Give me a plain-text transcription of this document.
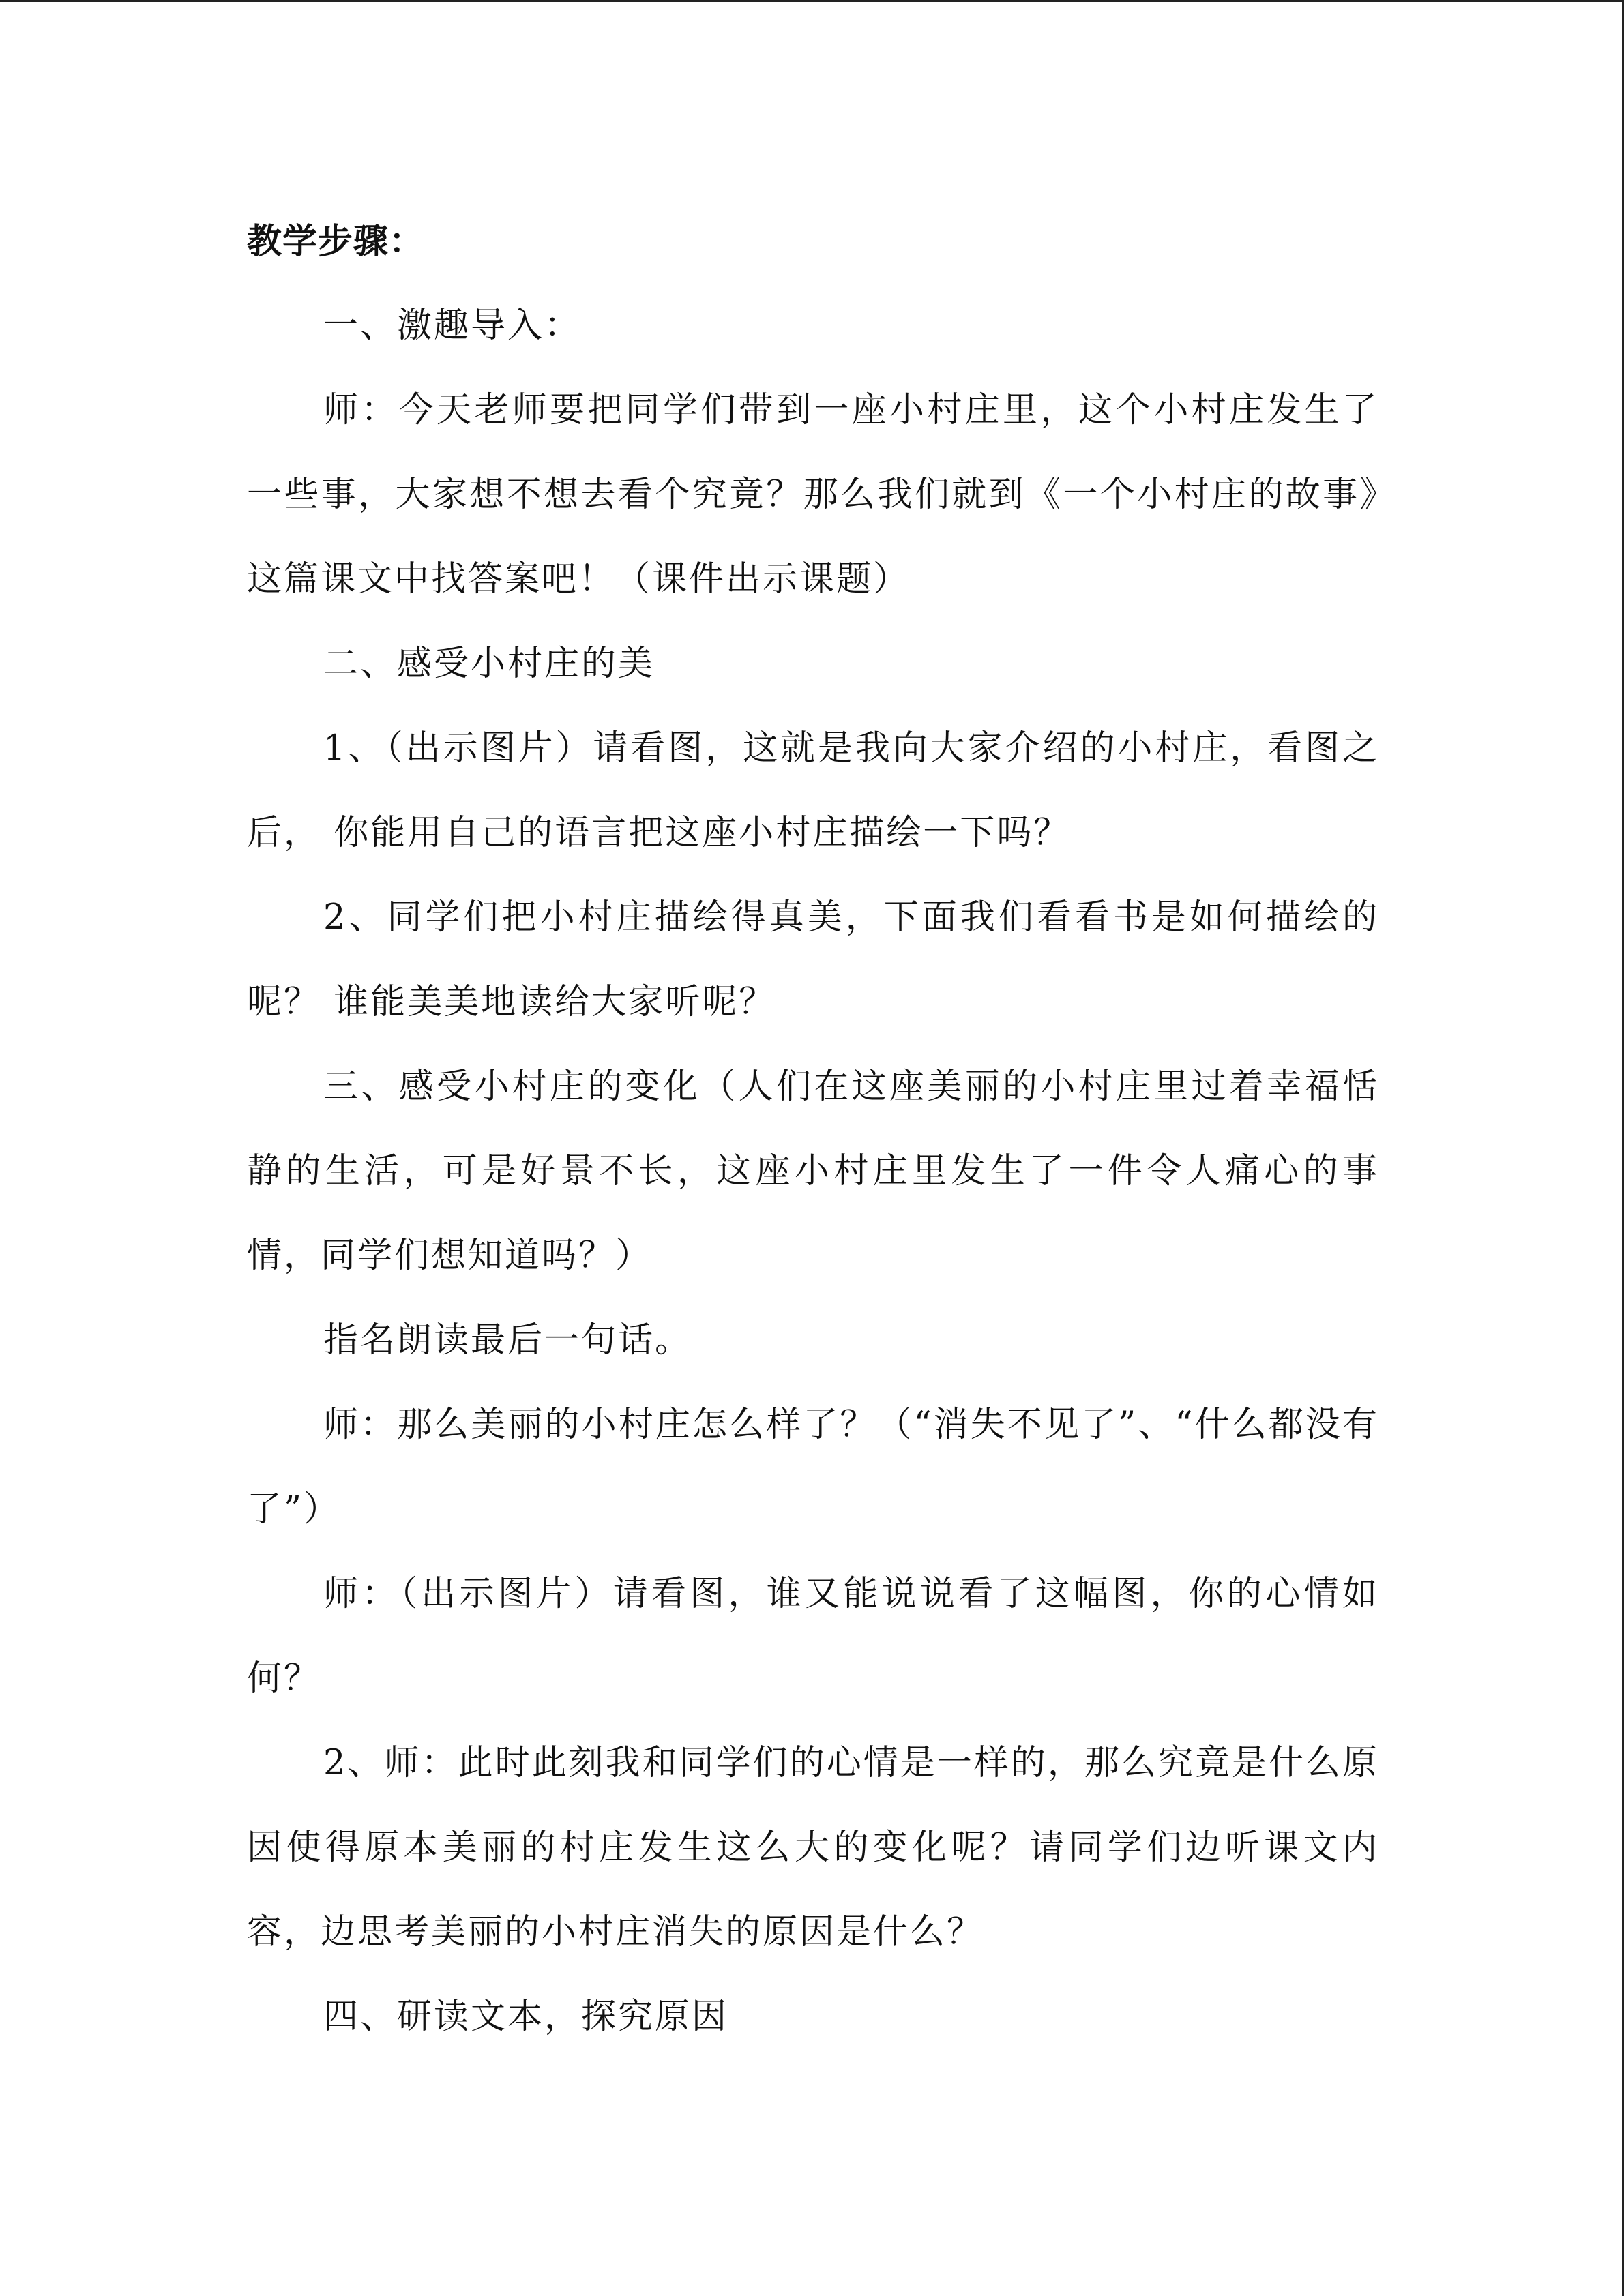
教学步骤：

一、激趣导入：

师：今天老师要把同学们带到一座小村庄里，这个小村庄发生了一些事，大家想不想去看个究竟？那么我们就到《一个小村庄的故事》这篇课文中找答案吧！（课件出示课题）

二、感受小村庄的美

1、（出示图片）请看图，这就是我向大家介绍的小村庄，看图之后， 你能用自己的语言把这座小村庄描绘一下吗？

2、同学们把小村庄描绘得真美，下面我们看看书是如何描绘的呢？ 谁能美美地读给大家听呢？

三、感受小村庄的变化（人们在这座美丽的小村庄里过着幸福恬静的生活，可是好景不长，这座小村庄里发生了一件令人痛心的事情，同学们想知道吗？）

指名朗读最后一句话。

师：那么美丽的小村庄怎么样了？（“消失不见了”、“什么都没有了”）

师：（出示图片）请看图，谁又能说说看了这幅图，你的心情如何？

2、师：此时此刻我和同学们的心情是一样的，那么究竟是什么原因使得原本美丽的村庄发生这么大的变化呢？请同学们边听课文内容，边思考美丽的小村庄消失的原因是什么？

四、研读文本，探究原因
